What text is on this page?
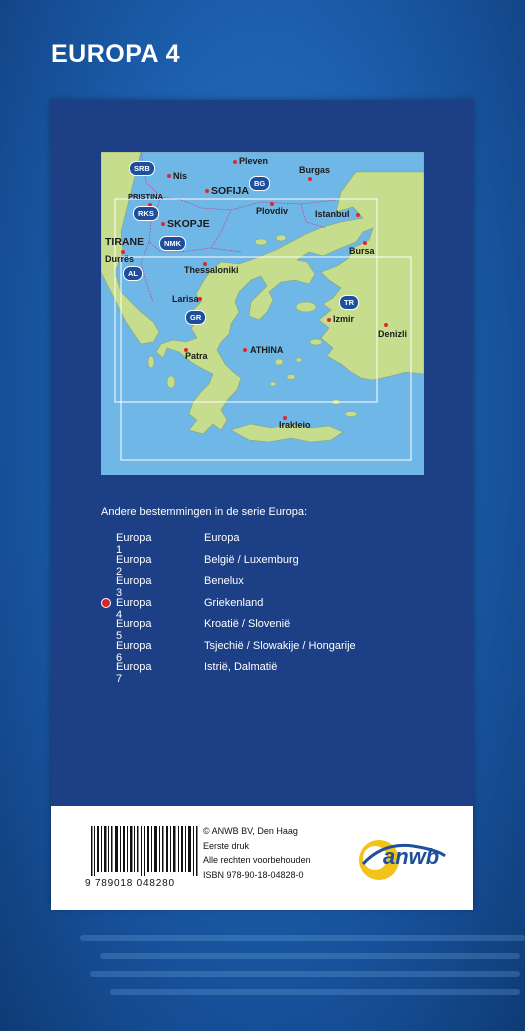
EUROPA 4
Pleven
Burgas
Nis
SOFIJA
PRISTINA
Plovdiv	Istanbul
SKOPJE
TIRANE
Bursa
Durrës
Thessaloniki
Larisa
Izmir
Denizli
ATHINA
Patra
Irakleio
SRB
BG
RKS
NMK
AL
GR
TR
Andere bestemmingen in de serie Europa:
Europa 1
Europa
Europa 2
België / Luxemburg
Europa 3
Benelux
Europa 4
Griekenland
Europa 5
Kroatië / Slovenië
Europa 6
Tsjechië / Slowakije / Hongarije
Europa 7
Istrië, Dalmatië
9 789018 048280
© ANWB BV, Den Haag
Eerste druk
Alle rechten voorbehouden
ISBN 978-90-18-04828-0
anwb
